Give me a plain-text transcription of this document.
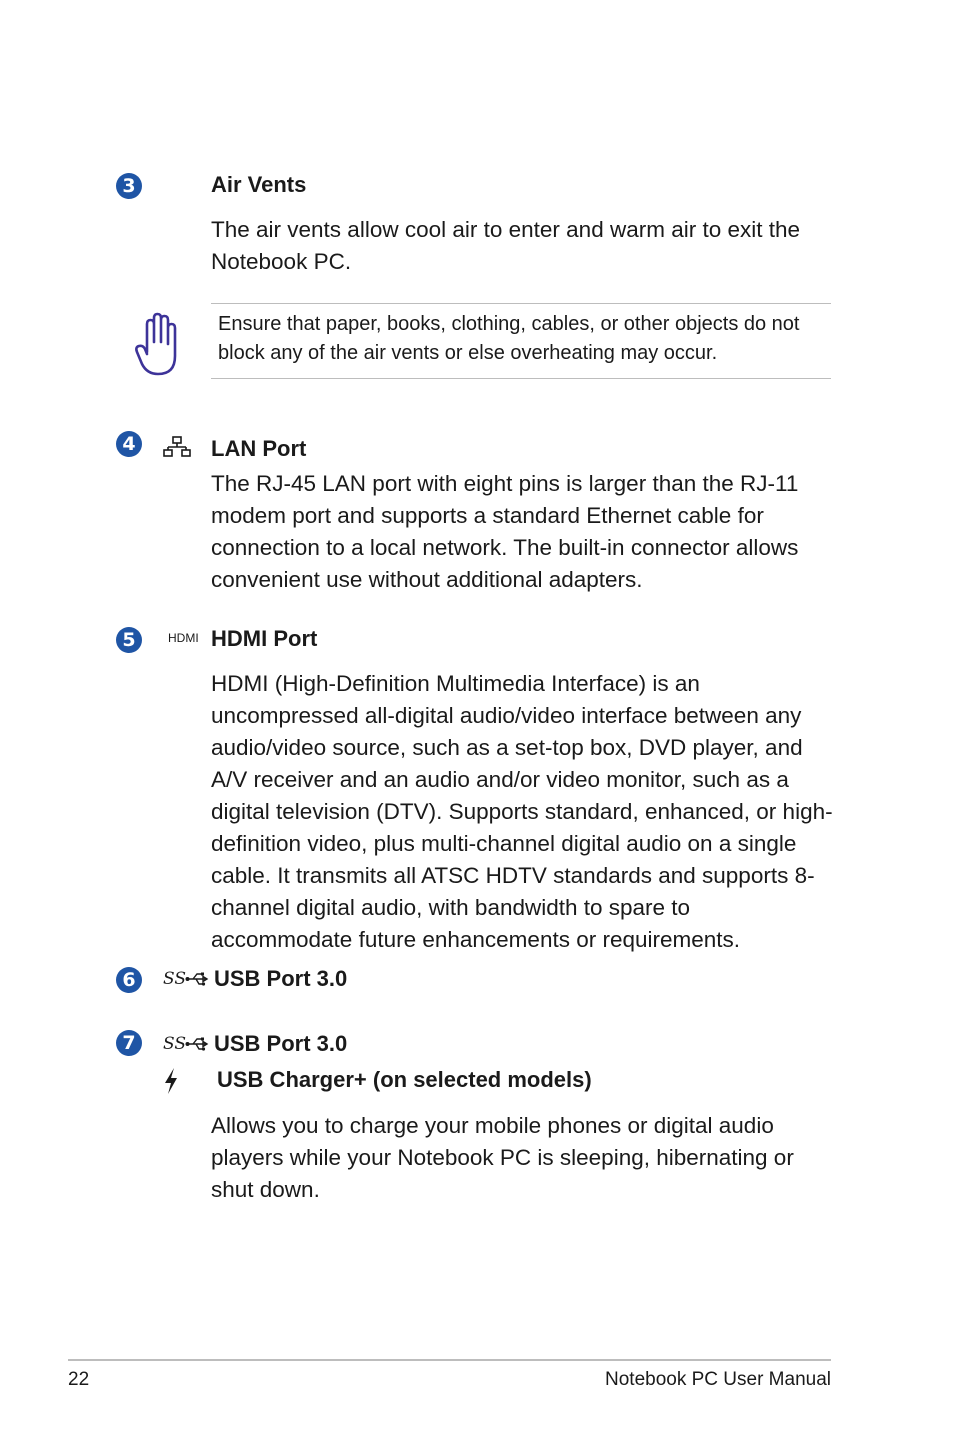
3	Air Vents
The air vents allow cool air to enter and warm air to exit the Notebook PC.
Ensure that paper, books, clothing, cables, or other objects do not block any of the air vents or else overheating may occur.
4	LAN Port
The RJ-45 LAN port with eight pins is larger than the RJ-11 modem port and supports a standard Ethernet cable for connection to a local network. The built-in connector allows convenient use without additional adapters.
5	HDMI HDMI Port
HDMI (High-Definition Multimedia Interface) is an uncompressed all-digital audio/video interface between any audio/video source, such as a set-top box, DVD player, and A/V receiver and an audio and/or video monitor, such as a digital television (DTV). Supports standard, enhanced, or high-definition video, plus multi-channel digital audio on a single cable. It transmits all ATSC HDTV standards and supports 8-channel digital audio, with bandwidth to spare to accommodate future enhancements or requirements.
6	SS USB Port 3.0
7	SS USB Port 3.0
USB Charger+ (on selected models)
Allows you to charge your mobile phones or digital audio players while your Notebook PC is sleeping, hibernating or shut down.
22	Notebook PC User Manual
